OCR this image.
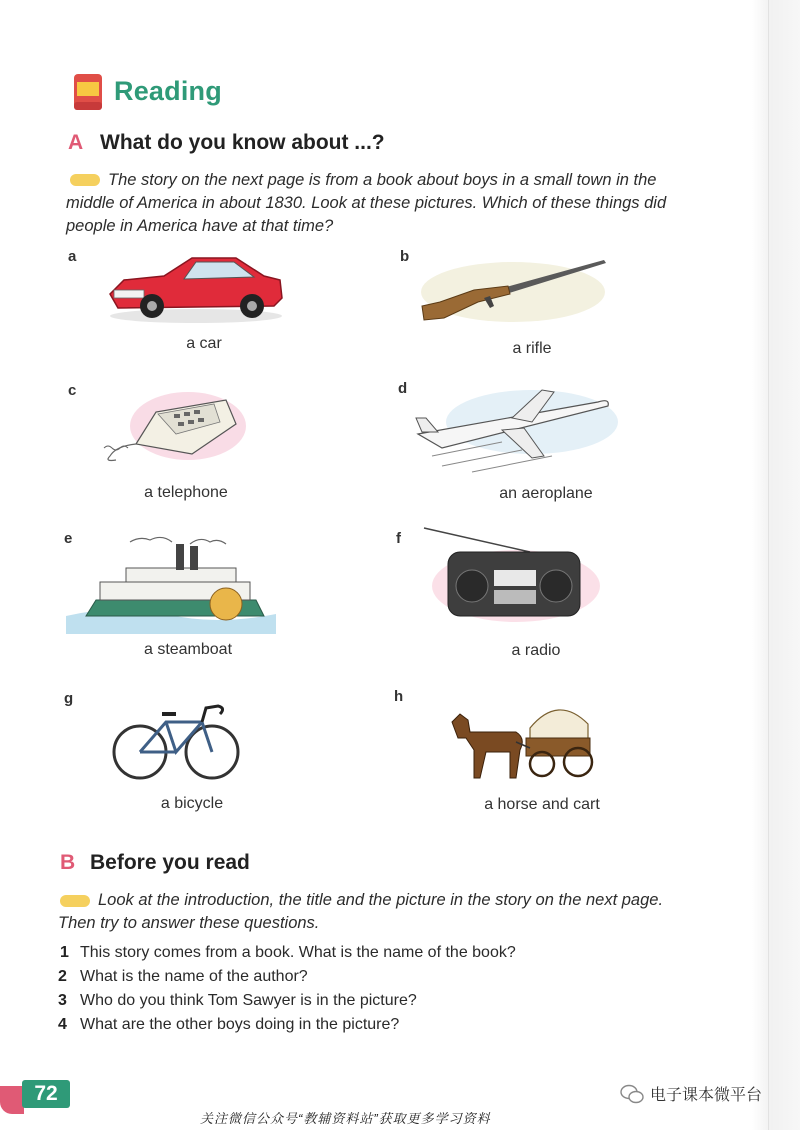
Reading
A What do you know about ...?
The story on the next page is from a book about boys in a small town in the
middle of America in about 1830. Look at these pictures. Which of these things did
people in America have at that time?
a
a car
b
a rifle
c
a telephone
d
an aeroplane
e
a steamboat
f
a radio
g
a bicycle
h
a horse and cart
B Before you read
Look at the introduction, the title and the picture in the story on the next page.
Then try to answer these questions.
1 This story comes from a book. What is the name of the book?
2 What is the name of the author?
3 Who do you think Tom Sawyer is in the picture?
4 What are the other boys doing in the picture?
72	电子课本微平台
关注微信公众号“教辅资料站”获取更多学习资料
